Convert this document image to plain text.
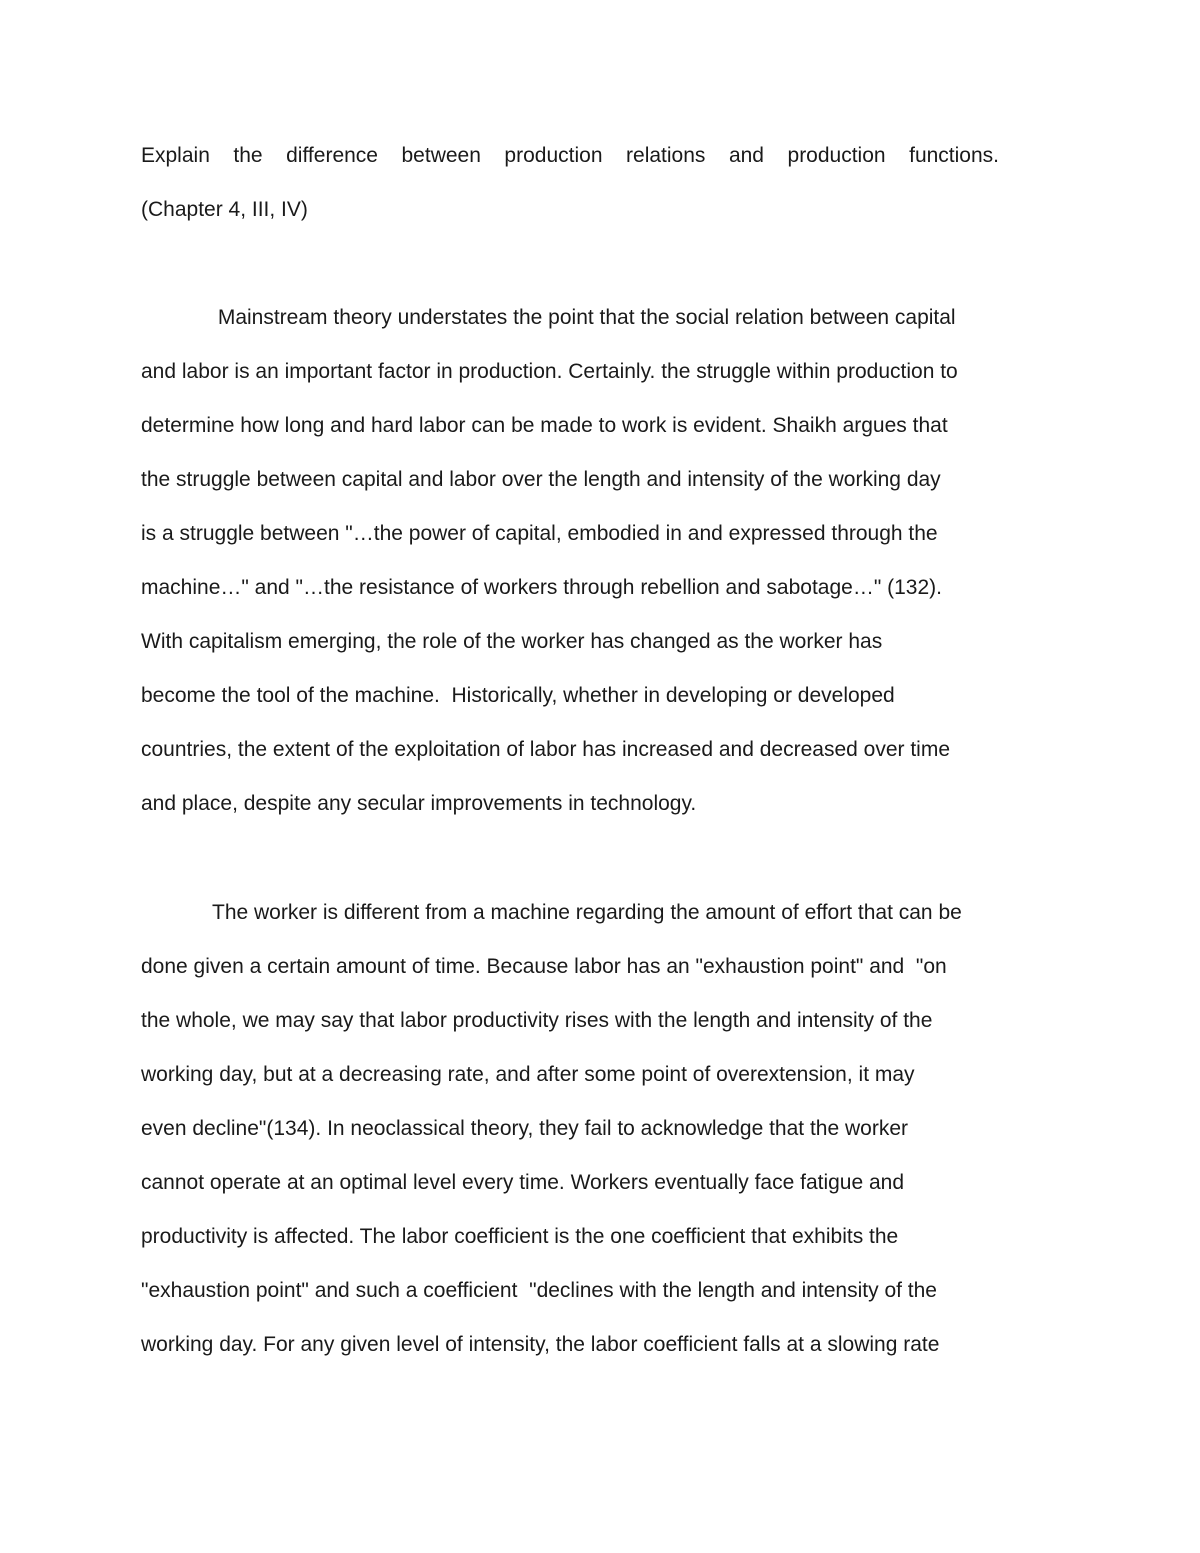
Explain the difference between production relations and production functions.
(Chapter 4, III, IV)
Mainstream theory understates the point that the social relation between capital
and labor is an important factor in production. Certainly. the struggle within production to
determine how long and hard labor can be made to work is evident. Shaikh argues that
the struggle between capital and labor over the length and intensity of the working day
is a struggle between "…the power of capital, embodied in and expressed through the
machine…" and "…the resistance of workers through rebellion and sabotage…" (132).
With capitalism emerging, the role of the worker has changed as the worker has
become the tool of the machine.  Historically, whether in developing or developed
countries, the extent of the exploitation of labor has increased and decreased over time
and place, despite any secular improvements in technology.
The worker is different from a machine regarding the amount of effort that can be
done given a certain amount of time. Because labor has an "exhaustion point" and  "on
the whole, we may say that labor productivity rises with the length and intensity of the
working day, but at a decreasing rate, and after some point of overextension, it may
even decline"(134). In neoclassical theory, they fail to acknowledge that the worker
cannot operate at an optimal level every time. Workers eventually face fatigue and
productivity is affected. The labor coefficient is the one coefficient that exhibits the
"exhaustion point" and such a coefficient  "declines with the length and intensity of the
working day. For any given level of intensity, the labor coefficient falls at a slowing rate
